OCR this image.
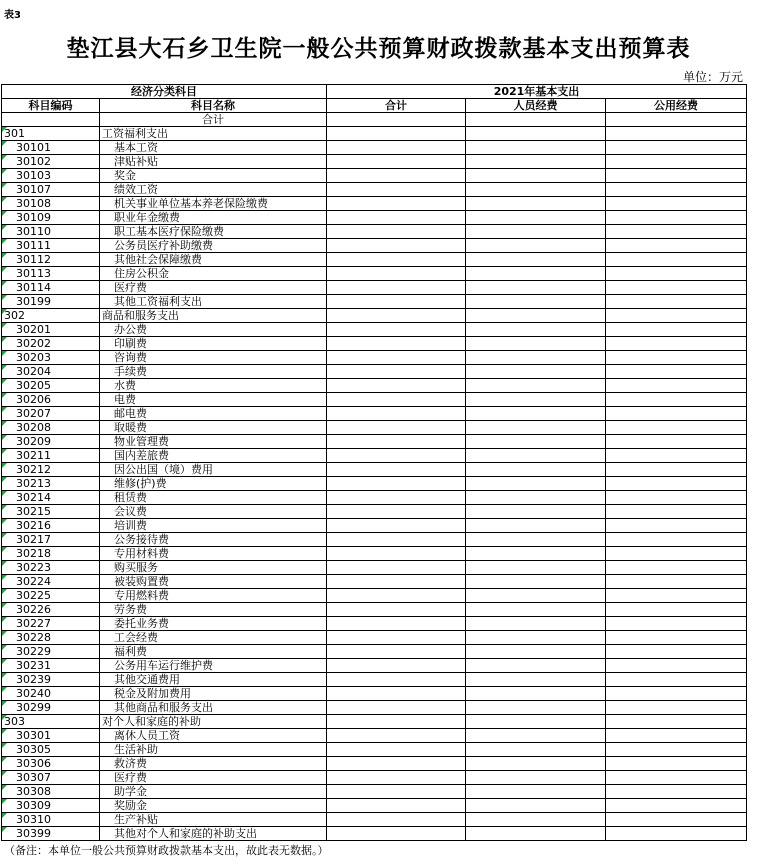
表3
垫江县大石乡卫生院一般公共预算财政拨款基本支出预算表
单位：万元
经济分类科目		2021年基本支出		
科目编码	科目名称	合计	人员经费	公用经费
	合计			

301	工资福利支出			

30101	基本工资			

30102	津贴补贴			

30103	奖金			

30107	绩效工资			

30108	机关事业单位基本养老保险缴费			

30109	职业年金缴费			

30110	职工基本医疗保险缴费			

30111	公务员医疗补助缴费			

30112	其他社会保障缴费			

30113	住房公积金			

30114	医疗费			

30199	其他工资福利支出			

302	商品和服务支出			

30201	办公费			

30202	印刷费			

30203	咨询费			

30204	手续费			

30205	水费			

30206	电费			

30207	邮电费			

30208	取暖费			

30209	物业管理费			

30211	国内差旅费			

30212	因公出国（境）费用			

30213	维修(护)费			

30214	租赁费			

30215	会议费			

30216	培训费			

30217	公务接待费			

30218	专用材料费			

30223	购买服务			

30224	被装购置费			

30225	专用燃料费			

30226	劳务费			

30227	委托业务费			

30228	工会经费			

30229	福利费			

30231	公务用车运行维护费			

30239	其他交通费用			

30240	税金及附加费用			

30299	其他商品和服务支出			

303	对个人和家庭的补助			

30301	离休人员工资			

30305	生活补助			

30306	救济费			

30307	医疗费			

30308	助学金			

30309	奖励金			

30310	生产补贴			

30399	其他对个人和家庭的补助支出			
（备注：本单位一般公共预算财政拨款基本支出，故此表无数据。）
